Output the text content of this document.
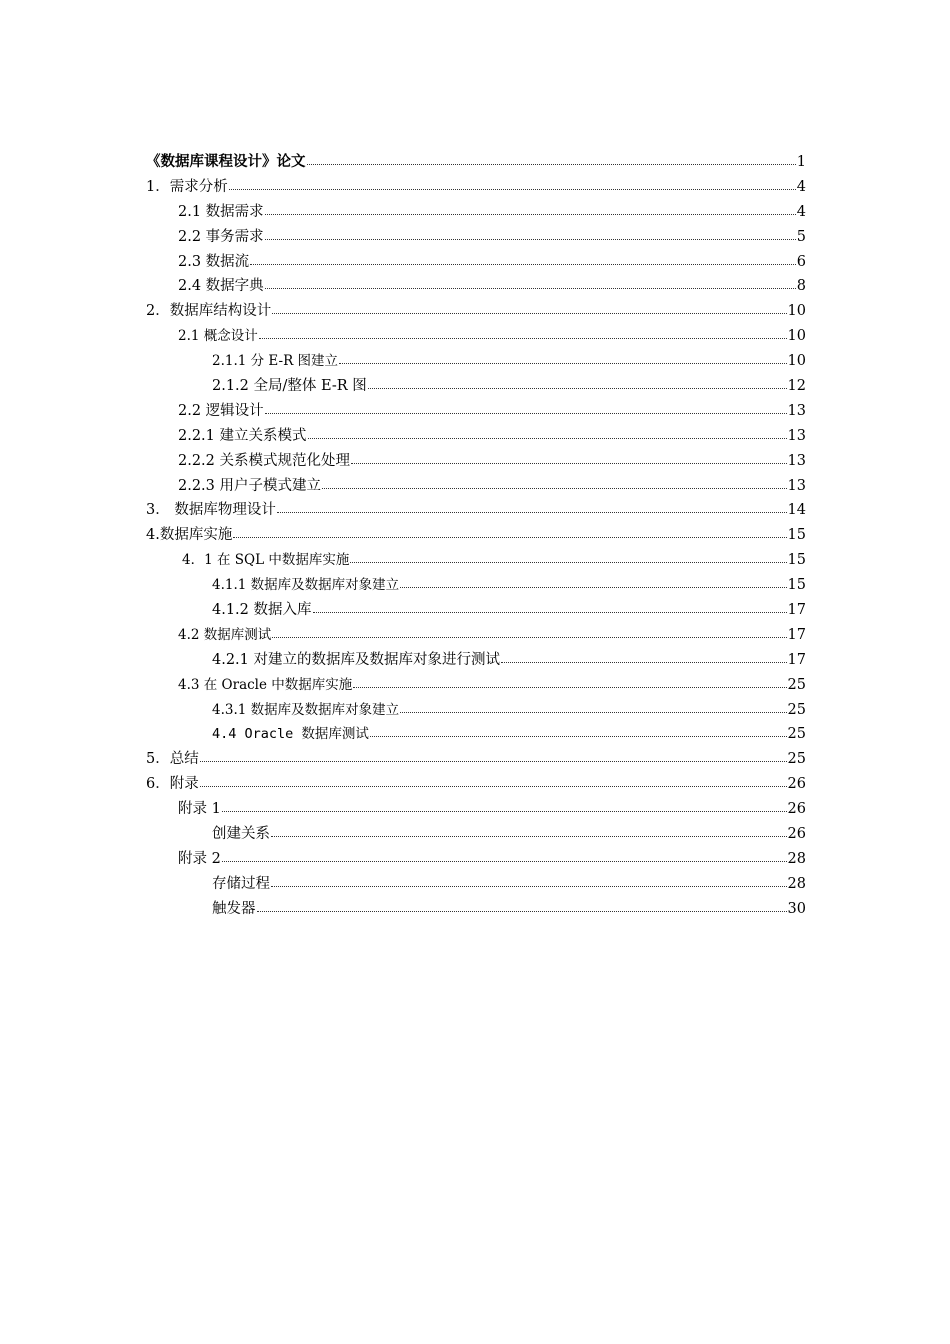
《数据库课程设计》论文	1
1．需求分析	4
2.1 数据需求	4
2.2 事务需求	5
2.3 数据流	6
2.4 数据字典	8
2．数据库结构设计	10
2.1 概念设计	10
2.1.1 分 E-R 图建立	10
2.1.2 全局/整体 E-R 图	12
2.2 逻辑设计	13
2.2.1 建立关系模式	13
2.2.2 关系模式规范化处理	13
2.2.3 用户子模式建立	13
3． 数据库物理设计	14
4.数据库实施	15
4．1 在 SQL 中数据库实施	15
4.1.1 数据库及数据库对象建立	15
4.1.2 数据入库	17
4.2 数据库测试	17
4.2.1 对建立的数据库及数据库对象进行测试	17
4.3 在 Oracle 中数据库实施	25
4.3.1 数据库及数据库对象建立	25
4.4 Oracle 数据库测试	25
5．总结	25
6．附录	26
附录 1	26
创建关系	26
附录 2	28
存储过程	28
触发器	30
